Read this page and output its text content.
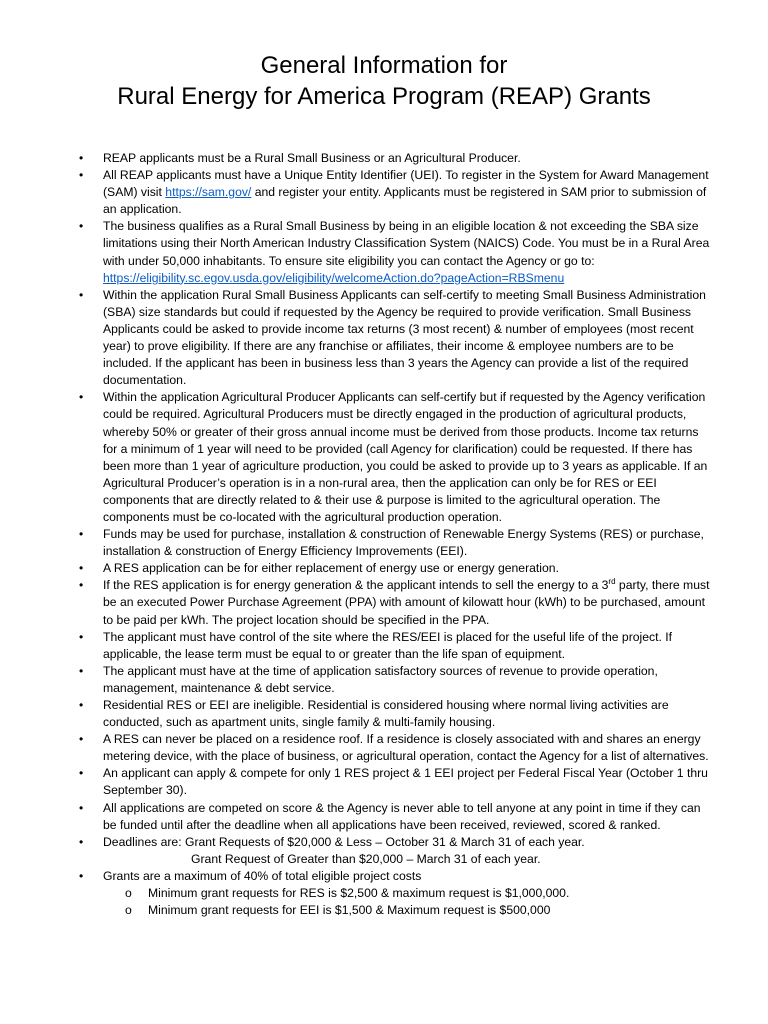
General Information for
Rural Energy for America Program (REAP) Grants
• REAP applicants must be a Rural Small Business or an Agricultural Producer.
• All REAP applicants must have a Unique Entity Identifier (UEI). To register in the System for Award Management (SAM) visit https://sam.gov/ and register your entity. Applicants must be registered in SAM prior to submission of an application.
• The business qualifies as a Rural Small Business by being in an eligible location & not exceeding the SBA size limitations using their North American Industry Classification System (NAICS) Code. You must be in a Rural Area with under 50,000 inhabitants. To ensure site eligibility you can contact the Agency or go to: https://eligibility.sc.egov.usda.gov/eligibility/welcomeAction.do?pageAction=RBSmenu
• Within the application Rural Small Business Applicants can self-certify to meeting Small Business Administration (SBA) size standards but could if requested by the Agency be required to provide verification. Small Business Applicants could be asked to provide income tax returns (3 most recent) & number of employees (most recent year) to prove eligibility. If there are any franchise or affiliates, their income & employee numbers are to be included. If the applicant has been in business less than 3 years the Agency can provide a list of the required documentation.
• Within the application Agricultural Producer Applicants can self-certify but if requested by the Agency verification could be required. Agricultural Producers must be directly engaged in the production of agricultural products, whereby 50% or greater of their gross annual income must be derived from those products. Income tax returns for a minimum of 1 year will need to be provided (call Agency for clarification) could be requested. If there has been more than 1 year of agriculture production, you could be asked to provide up to 3 years as applicable. If an Agricultural Producer’s operation is in a non-rural area, then the application can only be for RES or EEI components that are directly related to & their use & purpose is limited to the agricultural operation. The components must be co-located with the agricultural production operation.
• Funds may be used for purchase, installation & construction of Renewable Energy Systems (RES) or purchase, installation & construction of Energy Efficiency Improvements (EEI).
• A RES application can be for either replacement of energy use or energy generation.
• If the RES application is for energy generation & the applicant intends to sell the energy to a 3rd party, there must be an executed Power Purchase Agreement (PPA) with amount of kilowatt hour (kWh) to be purchased, amount to be paid per kWh. The project location should be specified in the PPA.
• The applicant must have control of the site where the RES/EEI is placed for the useful life of the project. If applicable, the lease term must be equal to or greater than the life span of equipment.
• The applicant must have at the time of application satisfactory sources of revenue to provide operation, management, maintenance & debt service.
• Residential RES or EEI are ineligible. Residential is considered housing where normal living activities are conducted, such as apartment units, single family & multi-family housing.
• A RES can never be placed on a residence roof. If a residence is closely associated with and shares an energy metering device, with the place of business, or agricultural operation, contact the Agency for a list of alternatives.
• An applicant can apply & compete for only 1 RES project & 1 EEI project per Federal Fiscal Year (October 1 thru September 30).
• All applications are competed on score & the Agency is never able to tell anyone at any point in time if they can be funded until after the deadline when all applications have been received, reviewed, scored & ranked.
• Deadlines are: Grant Requests of $20,000 & Less – October 31 & March 31 of each year.
Grant Request of Greater than $20,000 – March 31 of each year.
• Grants are a maximum of 40% of total eligible project costs
o Minimum grant requests for RES is $2,500 & maximum request is $1,000,000.
o Minimum grant requests for EEI is $1,500 & Maximum request is $500,000
